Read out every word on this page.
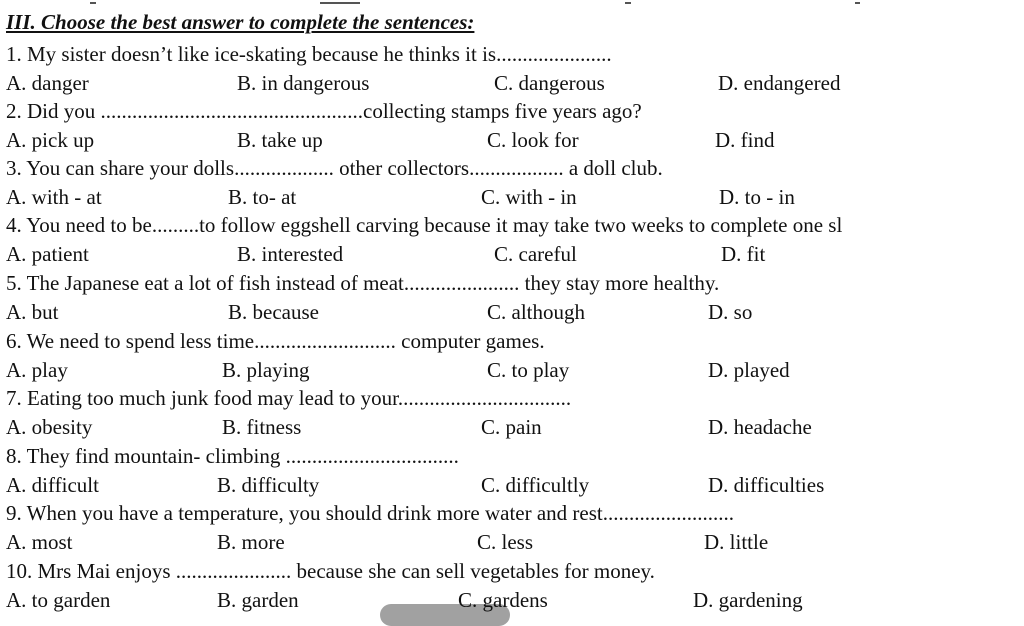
III. Choose the best answer to complete the sentences:
1. My sister doesn’t like ice-skating because he thinks it is......................
A. danger	B. in dangerous	C. dangerous	D. endangered
2. Did you ..................................................collecting stamps five years ago?
A. pick up	B. take up	C. look for	D. find
3. You can share your dolls................... other collectors.................. a doll club.
A. with - at	B. to- at	C. with - in	D. to - in
4. You need to be.........to follow eggshell carving because it may take two weeks to complete one sl
A. patient	B. interested	C. careful	D. fit
5. The Japanese eat a lot of fish instead of meat...................... they stay more healthy.
A. but	B. because	C. although	D. so
6. We need to spend less time........................... computer games.
A. play	B. playing	C. to play	D. played
7. Eating too much junk food may lead to your.................................
A. obesity	B. fitness	C. pain	D. headache
8. They find mountain- climbing .................................
A. difficult	B. difficulty	C. difficultly	D. difficulties
9. When you have a temperature, you should drink more water and rest.........................
A. most	B. more	C. less	D. little
10. Mrs Mai enjoys ...................... because she can sell vegetables for money.
A. to garden	B. garden	C. gardens	D. gardening
